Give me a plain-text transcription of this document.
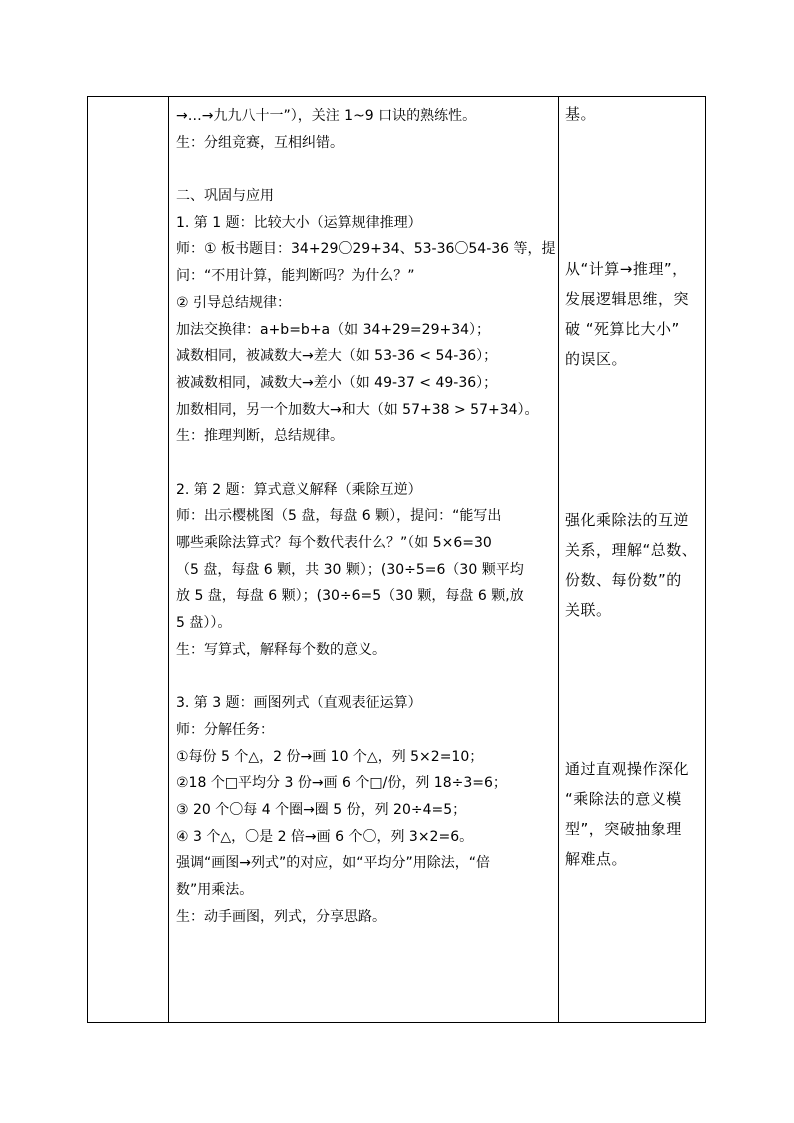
→…→九九八十一”），关注 1~9 口诀的熟练性。
生：分组竞赛，互相纠错。
二、巩固与应用
1. 第 1 题：比较大小（运算规律推理）
师：① 板书题目：34+29〇29+34、53-36〇54-36 等，提
问：“不用计算，能判断吗？为什么？”
② 引导总结规律：
加法交换律：a+b=b+a（如 34+29=29+34）；
减数相同，被减数大→差大（如 53-36 < 54-36）；
被减数相同，减数大→差小（如 49-37 < 49-36）；
加数相同，另一个加数大→和大（如 57+38 > 57+34）。
生：推理判断，总结规律。
2. 第 2 题：算式意义解释（乘除互逆）
师：出示樱桃图（5 盘，每盘 6 颗），提问：“能写出
哪些乘除法算式？每个数代表什么？”（如 5×6=30
（5 盘，每盘 6 颗，共 30 颗）；(30÷5=6（30 颗平均
放 5 盘，每盘 6 颗）；(30÷6=5（30 颗，每盘 6 颗,放
5 盘））。
生：写算式，解释每个数的意义。
3. 第 3 题：画图列式（直观表征运算）
师：分解任务：
①每份 5 个△，2 份→画 10 个△，列 5×2=10；
②18 个□平均分 3 份→画 6 个□/份，列 18÷3=6；
③ 20 个〇每 4 个圈→圈 5 份，列 20÷4=5；
④ 3 个△，〇是 2 倍→画 6 个〇，列 3×2=6。
强调“画图→列式”的对应，如“平均分”用除法，“倍
数”用乘法。
生：动手画图，列式，分享思路。
基。
从“计算→推理”，
发展逻辑思维，突
破 “死算比大小”
的误区。
强化乘除法的互逆
关系，理解“总数、
份数、每份数”的
关联。
通过直观操作深化
“乘除法的意义模
型”，突破抽象理
解难点。
